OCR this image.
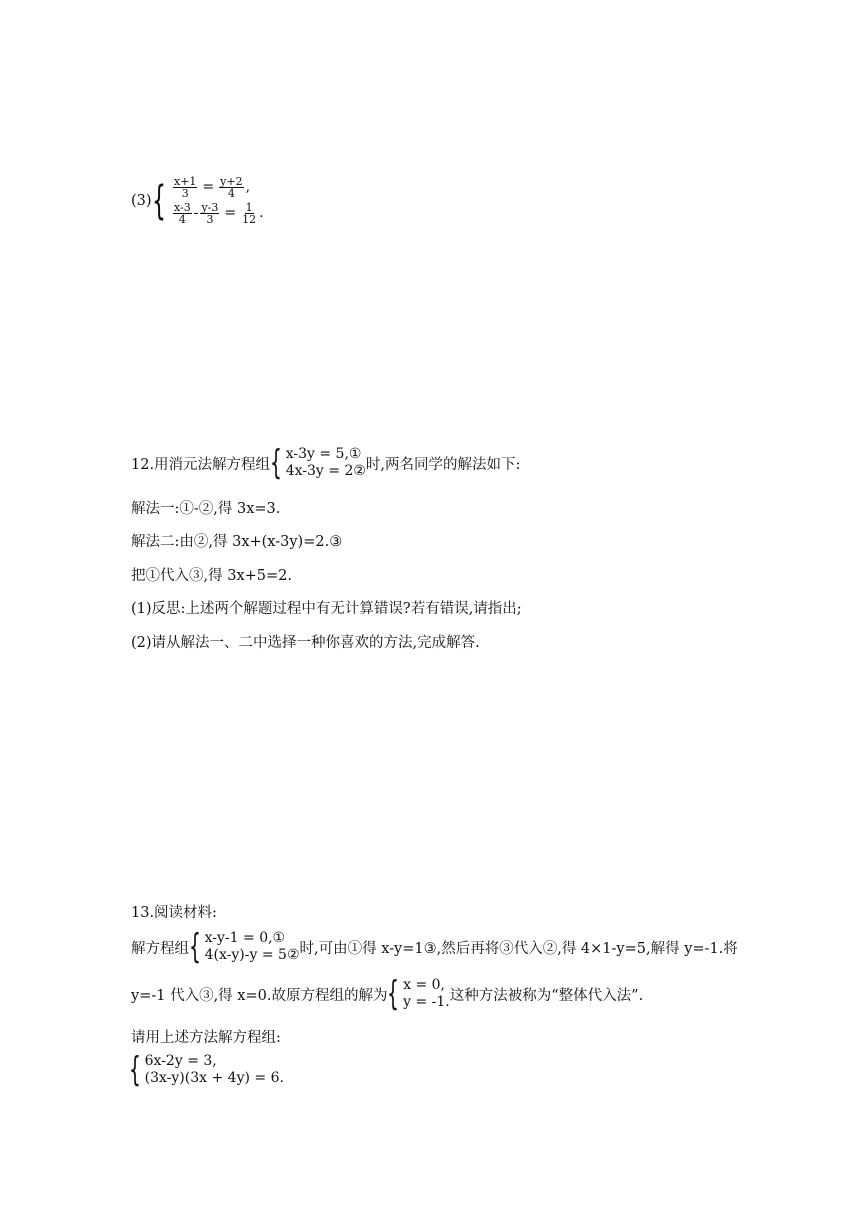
(3) { $\frac{x+1}{3} = \frac{y+2}{4}$ ,
$\frac{x-3}{4} - \frac{y-3}{3} = \frac{1}{12}$ .
12.用消元法解方程组 { x-3y = 5,①
4x-3y = 2② 时,两名同学的解法如下:

解法一:①-②,得 3x=3.

解法二:由②,得 3x+(x-3y)=2.③

把①代入③,得 3x+5=2.

(1)反思:上述两个解题过程中有无计算错误?若有错误,请指出;

(2)请从解法一、二中选择一种你喜欢的方法,完成解答.

13.阅读材料:

解方程组 { x-y-1 = 0,①
4(x-y)-y = 5② 时,可由①得 x-y=1③,然后再将③代入②,得 4×1-y=5,解得 y=-1.将
y=-1 代入③,得 x=0.故原方程组的解为 { x = 0,
y = -1. 这种方法被称为“整体代入法”.

请用上述方法解方程组:

{ 6x-2y = 3,
(3x-y)(3x + 4y) = 6.
